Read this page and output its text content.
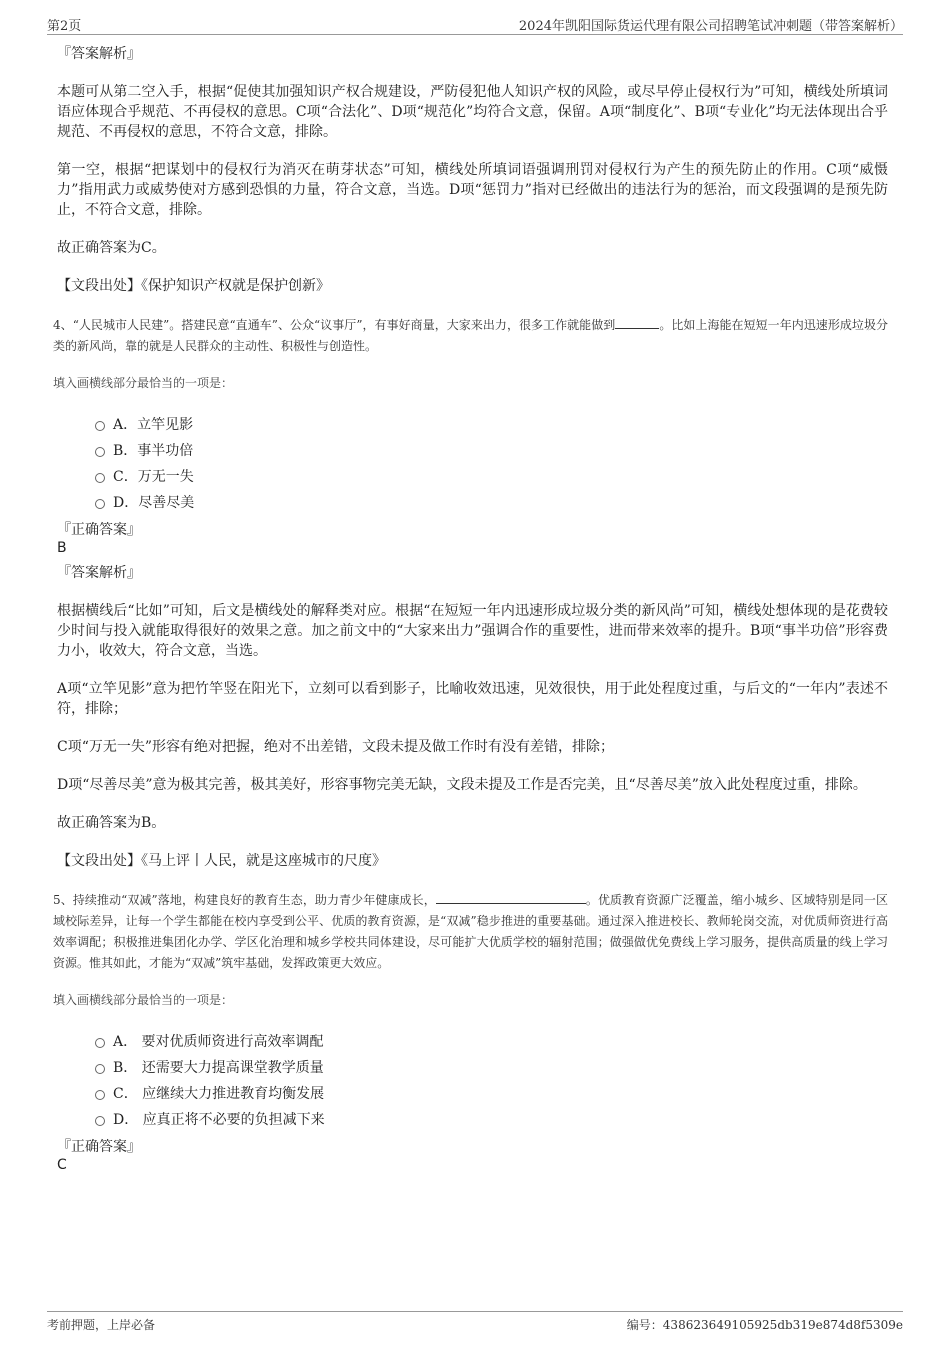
第2页	2024年凯阳国际货运代理有限公司招聘笔试冲刺题（带答案解析）

『答案解析』

本题可从第二空入手，根据“促使其加强知识产权合规建设，严防侵犯他人知识产权的风险，或尽早停止侵权行为”可知，横线处所填词语应体现合乎规范、不再侵权的意思。C项“合法化”、D项“规范化”均符合文意，保留。A项“制度化”、B项“专业化”均无法体现出合乎规范、不再侵权的意思，不符合文意，排除。

第一空，根据“把谋划中的侵权行为消灭在萌芽状态”可知，横线处所填词语强调刑罚对侵权行为产生的预先防止的作用。C项“威慑力”指用武力或威势使对方感到恐惧的力量，符合文意，当选。D项“惩罚力”指对已经做出的违法行为的惩治，而文段强调的是预先防止，不符合文意，排除。

故正确答案为C。

【文段出处】《保护知识产权就是保护创新》

4、“人民城市人民建”。搭建民意“直通车”、公众“议事厅”，有事好商量，大家来出力，很多工作就能做到	。比如上海能在短短一年内迅速形成垃圾分类的新风尚，靠的就是人民群众的主动性、积极性与创造性。

填入画横线部分最恰当的一项是：

A．立竿见影
B．事半功倍
C．万无一失
D．尽善尽美

『正确答案』

B

『答案解析』

根据横线后“比如”可知，后文是横线处的解释类对应。根据“在短短一年内迅速形成垃圾分类的新风尚”可知，横线处想体现的是花费较少时间与投入就能取得很好的效果之意。加之前文中的“大家来出力”强调合作的重要性，进而带来效率的提升。B项“事半功倍”形容费力小，收效大，符合文意，当选。

A项“立竿见影”意为把竹竿竖在阳光下，立刻可以看到影子，比喻收效迅速，见效很快，用于此处程度过重，与后文的“一年内”表述不符，排除；

C项“万无一失”形容有绝对把握，绝对不出差错，文段未提及做工作时有没有差错，排除；

D项“尽善尽美”意为极其完善，极其美好，形容事物完美无缺，文段未提及工作是否完美，且“尽善尽美”放入此处程度过重，排除。

故正确答案为B。

【文段出处】《马上评丨人民，就是这座城市的尺度》

5、持续推动“双减”落地，构建良好的教育生态，助力青少年健康成长，	。优质教育资源广泛覆盖，缩小城乡、区域特别是同一区域校际差异，让每一个学生都能在校内享受到公平、优质的教育资源，是“双减”稳步推进的重要基础。通过深入推进校长、教师轮岗交流，对优质师资进行高效率调配；积极推进集团化办学、学区化治理和城乡学校共同体建设，尽可能扩大优质学校的辐射范围；做强做优免费线上学习服务，提供高质量的线上学习资源。惟其如此，才能为“双减”筑牢基础，发挥政策更大效应。

填入画横线部分最恰当的一项是：

A． 要对优质师资进行高效率调配
B． 还需要大力提高课堂教学质量
C． 应继续大力推进教育均衡发展
D． 应真正将不必要的负担减下来

『正确答案』

C

考前押题，上岸必备	编号：438623649105925db319e874d8f5309e
